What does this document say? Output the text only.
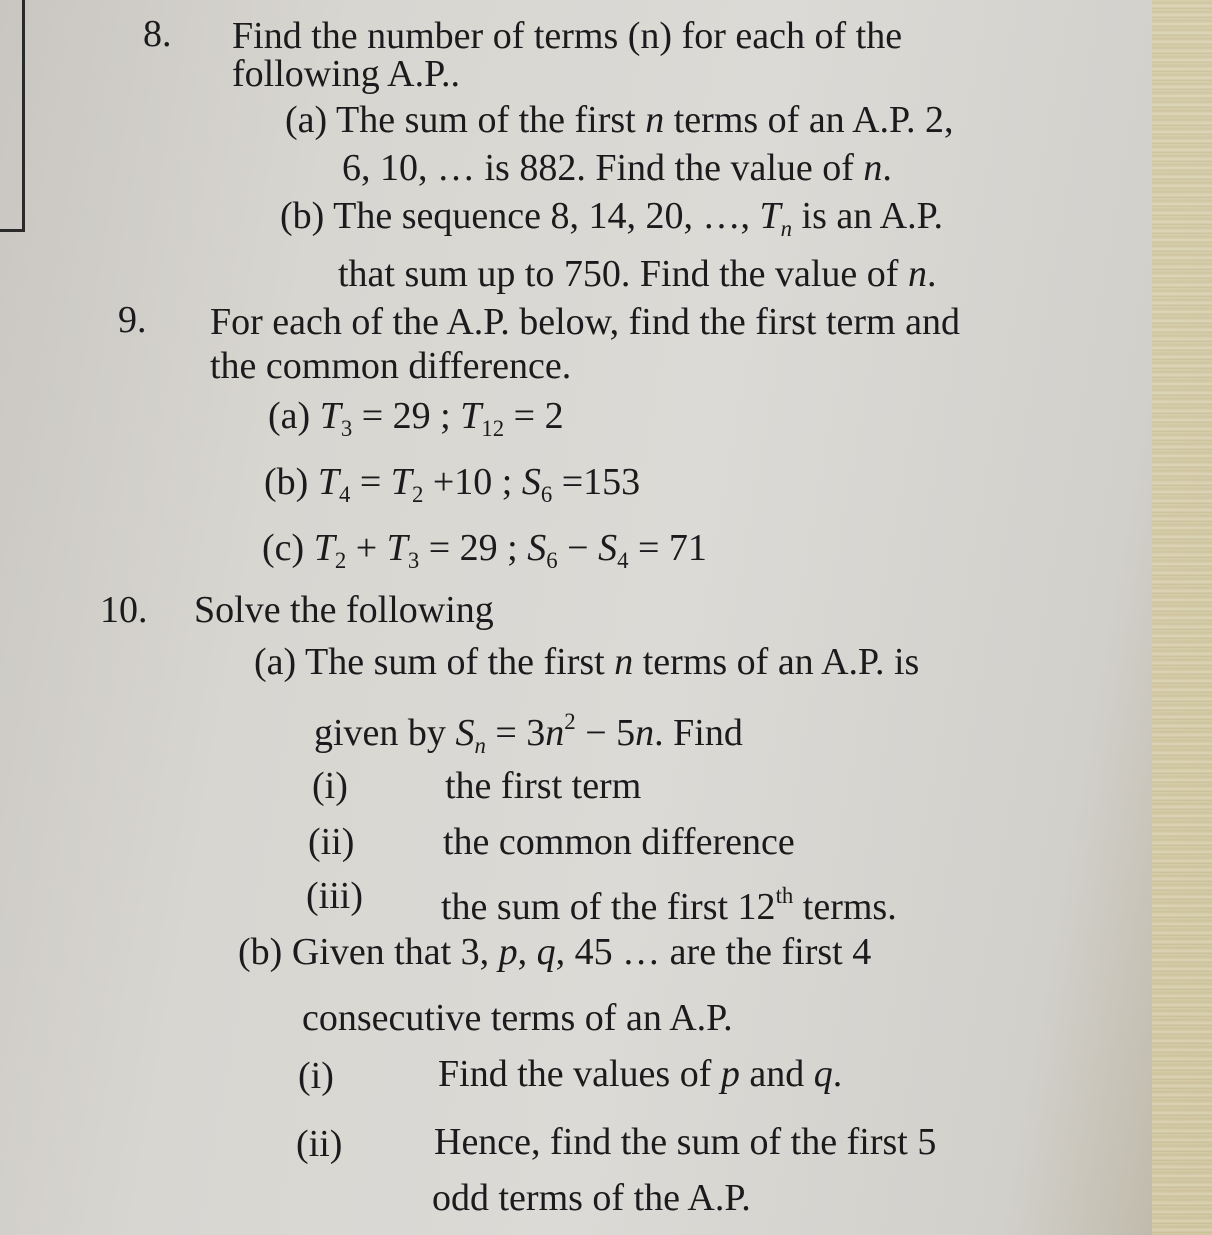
8. Find the number of terms (n) for each of the
following A.P..
(a) The sum of the first n terms of an A.P. 2,
6, 10, … is 882. Find the value of n.
(b) The sequence 8, 14, 20, …, $T_n$ is an A.P.
that sum up to 750. Find the value of n.
9. For each of the A.P. below, find the first term and
the common difference.
(a) $T_3 = 29$ ; $T_{12} = 2$
(b) $T_4 = T_2 +10$ ; $S_6 =153$
(c) $T_2 + T_3 = 29$ ; $S_6 - S_4 = 71$
10. Solve the following
(a) The sum of the first n terms of an A.P. is
given by $S_n = 3n^2 - 5n$. Find
(i)	the first term
(ii) the common difference
(iii) the sum of the first 12th terms.
(b) Given that 3, p, q, 45 … are the first 4
consecutive terms of an A.P.
(i)	Find the values of p and q.
(ii) Hence, find the sum of the first 5
odd terms of the A.P.
